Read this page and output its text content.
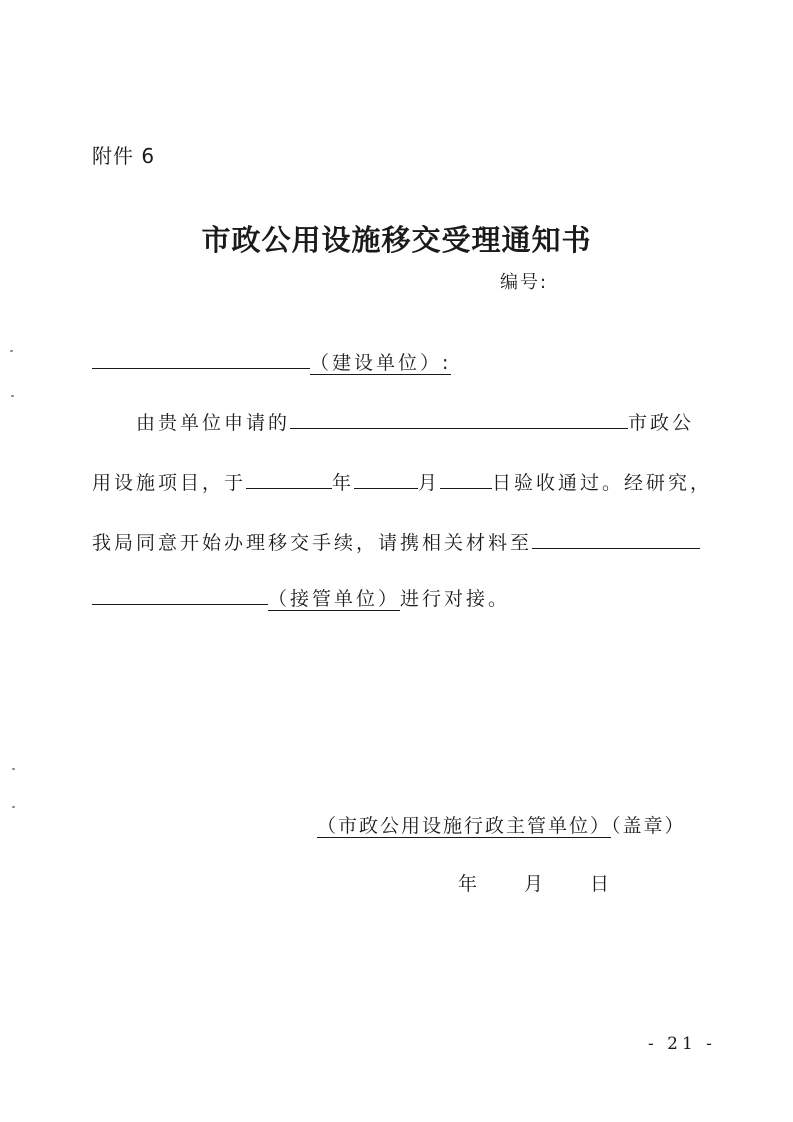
附件 6
市政公用设施移交受理通知书
编号:
（建设单位）:
由贵单位申请的	市政公
用设施项目，于	年	月	日验收通过。经研究，
我局同意开始办理移交手续，请携相关材料至
（接管单位）进行对接。
（市政公用设施行政主管单位）（盖章）
年 月 日
- 21 -
